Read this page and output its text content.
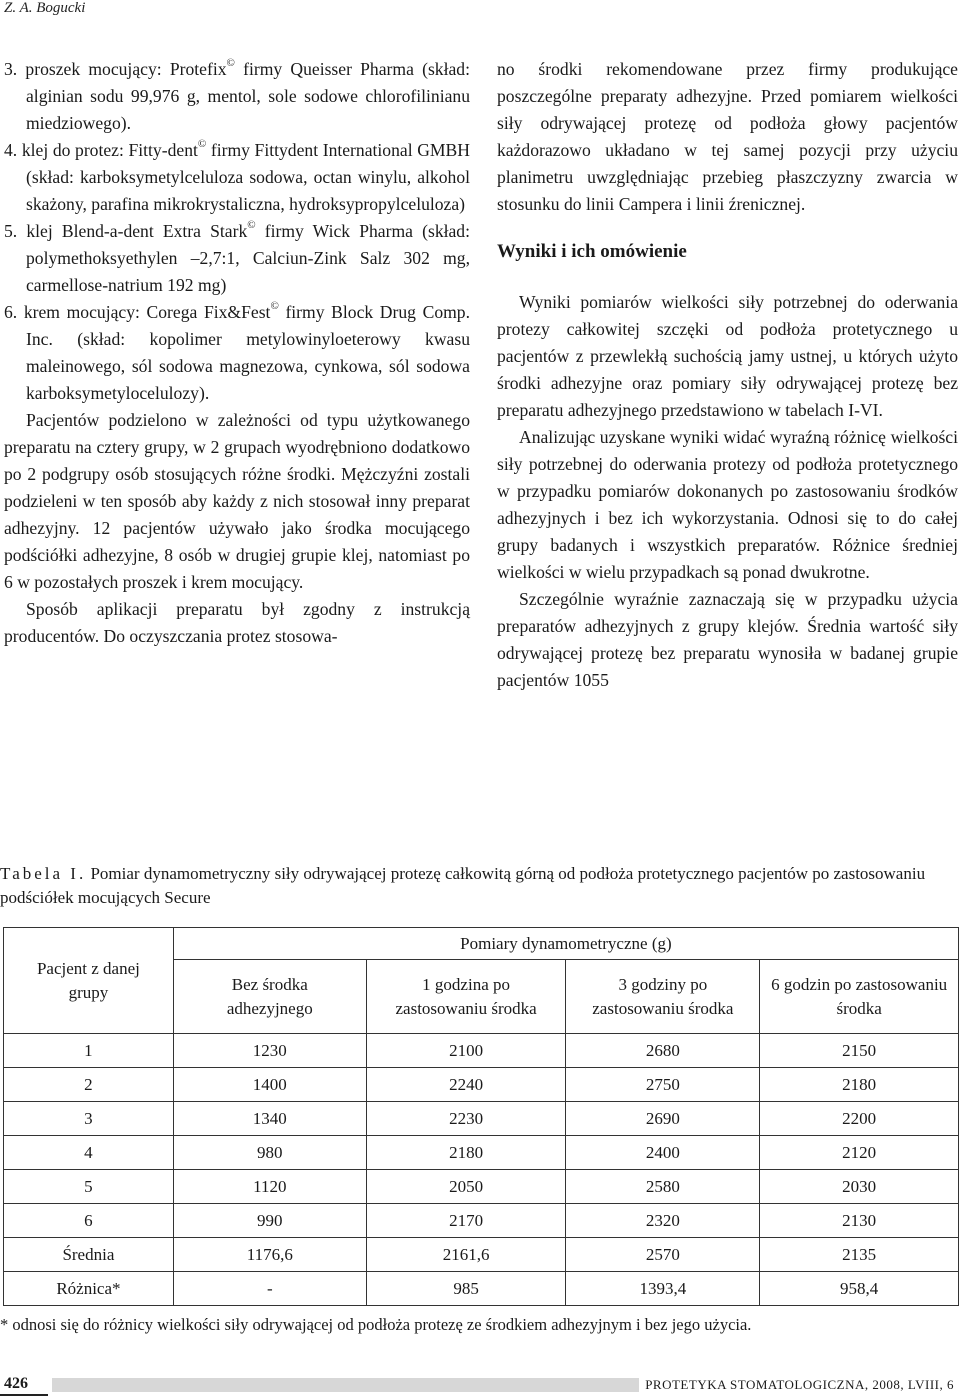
Z. A. Bogucki

3. proszek mocujący: Protefix© firmy Queisser Pharma (skład: alginian sodu 99,976 g, mentol, sole sodowe chlorofilinianu miedziowego).

4. klej do protez: Fitty-dent© firmy Fittydent International GMBH (skład: karboksymetylceluloza sodowa, octan winylu, alkohol skażony, parafina mikrokrystaliczna, hydroksypropylceluloza)

5. klej Blend-a-dent Extra Stark© firmy Wick Pharma (skład: polymethoksyethylen –2,7:1, Calciun-Zink Salz 302 mg, carmellose-natrium 192 mg)

6. krem mocujący: Corega Fix&Fest© firmy Block Drug Comp. Inc. (skład: kopolimer metylowinyloeterowy kwasu maleinowego, sól sodowa magnezowa, cynkowa, sól sodowa karboksymetylocelulozy).

Pacjentów podzielono w zależności od typu użytkowanego preparatu na cztery grupy, w 2 grupach wyodrębniono dodatkowo po 2 podgrupy osób stosujących różne środki. Mężczyźni zostali podzieleni w ten sposób aby każdy z nich stosował inny preparat adhezyjny. 12 pacjentów używało jako środka mocującego podściółki adhezyjne, 8 osób w drugiej grupie klej, natomiast po 6 w pozostałych proszek i krem mocujący.

Sposób aplikacji preparatu był zgodny z instrukcją producentów. Do oczyszczania protez stosowa-

no środki rekomendowane przez firmy produkujące poszczególne preparaty adhezyjne. Przed pomiarem wielkości siły odrywającej protezę od podłoża głowy pacjentów każdorazowo układano w tej samej pozycji przy użyciu planimetru uwzględniając przebieg płaszczyzny zwarcia w stosunku do linii Campera i linii źrenicznej.

Wyniki i ich omówienie

Wyniki pomiarów wielkości siły potrzebnej do oderwania protezy całkowitej szczęki od podłoża protetycznego u pacjentów z przewlekłą suchością jamy ustnej, u których użyto środki adhezyjne oraz pomiary siły odrywającej protezę bez preparatu adhezyjnego przedstawiono w tabelach I-VI.

Analizując uzyskane wyniki widać wyraźną różnicę wielkości siły potrzebnej do oderwania protezy od podłoża protetycznego w przypadku pomiarów dokonanych po zastosowaniu środków adhezyjnych i bez ich wykorzystania. Odnosi się to do całej grupy badanych i wszystkich preparatów. Różnice średniej wielkości w wielu przypadkach są ponad dwukrotne.

Szczególnie wyraźnie zaznaczają się w przypadku użycia preparatów adhezyjnych z grupy klejów. Średnia wartość siły odrywającej protezę bez preparatu wynosiła w badanej grupie pacjentów 1055

Tabela I. Pomiar dynamometryczny siły odrywającej protezę całkowitą górną od podłoża protetycznego pacjentów po zastosowaniu podściółek mocujących Secure
Pacjent z danej grupy	Pomiary dynamometryczne (g)			
	Bez środka adhezyjnego	1 godzina po zastosowaniu środka	3 godziny po zastosowaniu środka	6 godzin po zastosowaniu środka
1	1230	2100	2680	2150
2	1400	2240	2750	2180
3	1340	2230	2690	2200
4	980	2180	2400	2120
5	1120	2050	2580	2030
6	990	2170	2320	2130
Średnia	1176,6	2161,6	2570	2135
Różnica*	-	985	1393,4	958,4
* odnosi się do różnicy wielkości siły odrywającej od podłoża protezę ze środkiem adhezyjnym i bez jego użycia.
426	PROTETYKA STOMATOLOGICZNA, 2008, LVIII, 6
